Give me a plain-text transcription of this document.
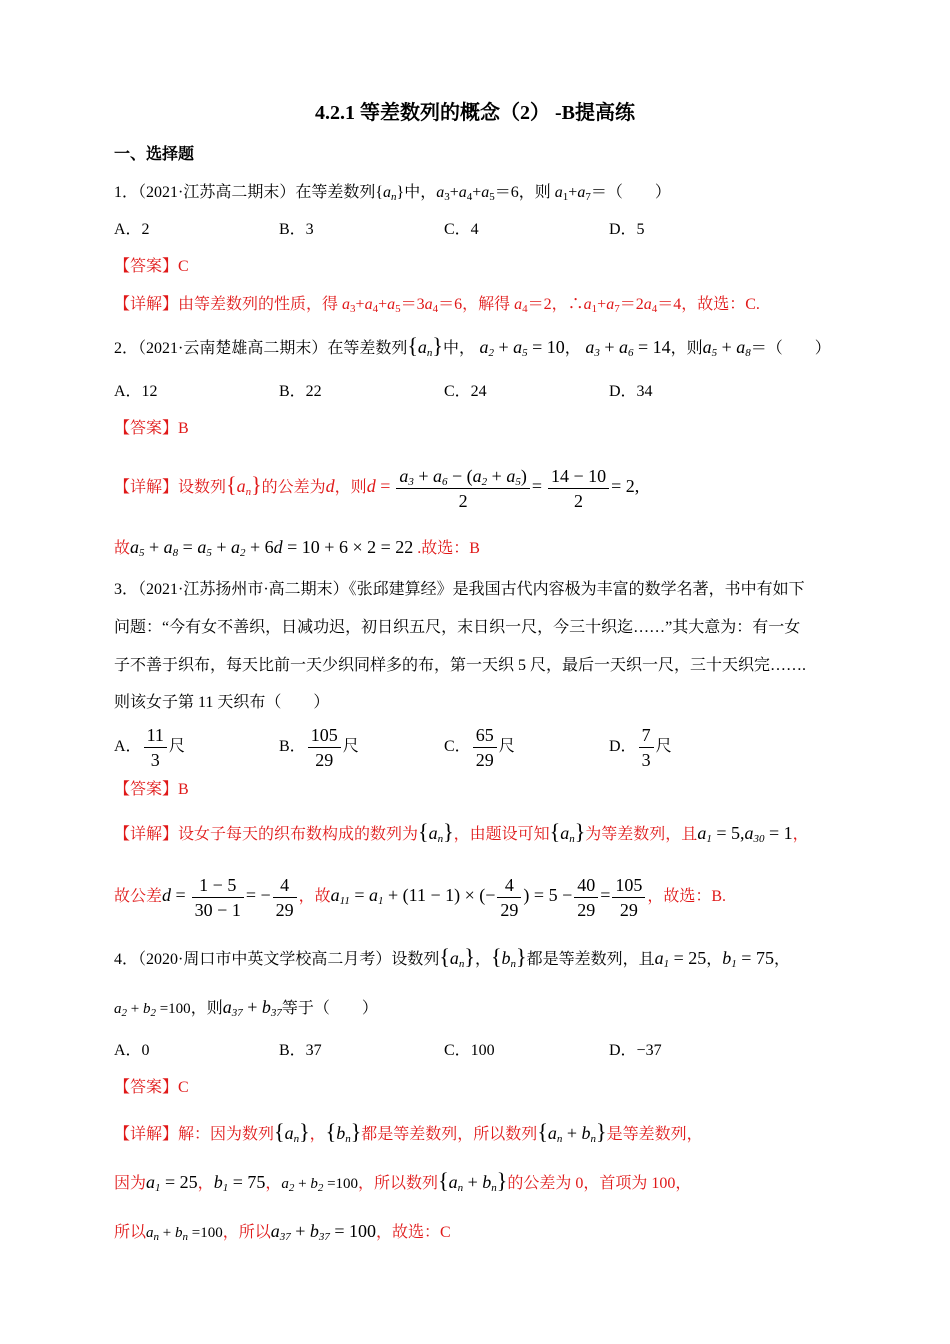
4.2.1 等差数列的概念（2） -B提高练
一、选择题
1．（2021·江苏高二期末）在等差数列$\{a_n\}$中，$a_3+a_4+a_5=6$，则 $a_1+a_7=$（　　）
A．2	B．3	C．4	D．5
【答案】C
【详解】由等差数列的性质，得 $a_3+a_4+a_5=3a_4=6$，解得 $a_4=2$，$\therefore a_1+a_7=2a_4=4$，故选：C.
2．（2021·云南楚雄高二期末）在等差数列$\{a_n\}$中， $a_2 + a_5 = 10$， $a_3 + a_6 = 14$，则$a_5 + a_8=$（　　）
A．12	B．22	C．24	D．34
【答案】B
【详解】设数列$\{a_n\}$的公差为d，则$d = \frac{a_3 + a_6 - (a_2 + a_5)}{2} = \frac{14 - 10}{2} = 2$,
故$a_5 + a_8 = a_5 + a_2 + 6d = 10 + 6 \times 2 = 22$ .故选：B
3．（2021·江苏扬州市·高二期末）《张邱建算经》是我国古代内容极为丰富的数学名著，书中有如下
问题：“今有女不善织，日减功迟，初日织五尺，末日织一尺，今三十织迄……”其大意为：有一女
子不善于织布，每天比前一天少织同样多的布，第一天织 5 尺，最后一天织一尺，三十天织完…….
则该女子第 11 天织布（　　）
A． $\frac{11}{3}$ 尺	B． $\frac{105}{29}$ 尺	C． $\frac{65}{29}$ 尺	D． $\frac{7}{3}$ 尺
【答案】B
【详解】设女子每天的织布数构成的数列为$\{a_n\}$，由题设可知$\{a_n\}$为等差数列，且$a_1 = 5,a_{30} = 1$，
故公差$d = \frac{1 - 5}{30 - 1}$ = − $\frac{4}{29}$ ，故$a_{11} = a_1 + (11 - 1)$ × (− $\frac{4}{29}$ ) = $5 - \frac{40}{29} = \frac{105}{29}$ ，故选：B.
4．（2020·周口市中英文学校高二月考）设数列$\{a_n\}$，$\{b_n\}$都是等差数列，且$a_1 = 25$，$b_1 = 75$，
$a_2 + b_2 =100$，则$a_{37} + b_{37}$等于（　　）
A．0	B．37	C．100	D．−37
【答案】C
【详解】解：因为数列$\{a_n\}$，$\{b_n\}$都是等差数列，所以数列$\{a_n + b_n\}$是等差数列，
因为$a_1 = 25$，$b_1 = 75$，$a_2 + b_2 =100$，所以数列$\{a_n + b_n\}$的公差为 0，首项为 100，
所以$a_n + b_n =100$，所以$a_{37} + b_{37} = 100$，故选：C
